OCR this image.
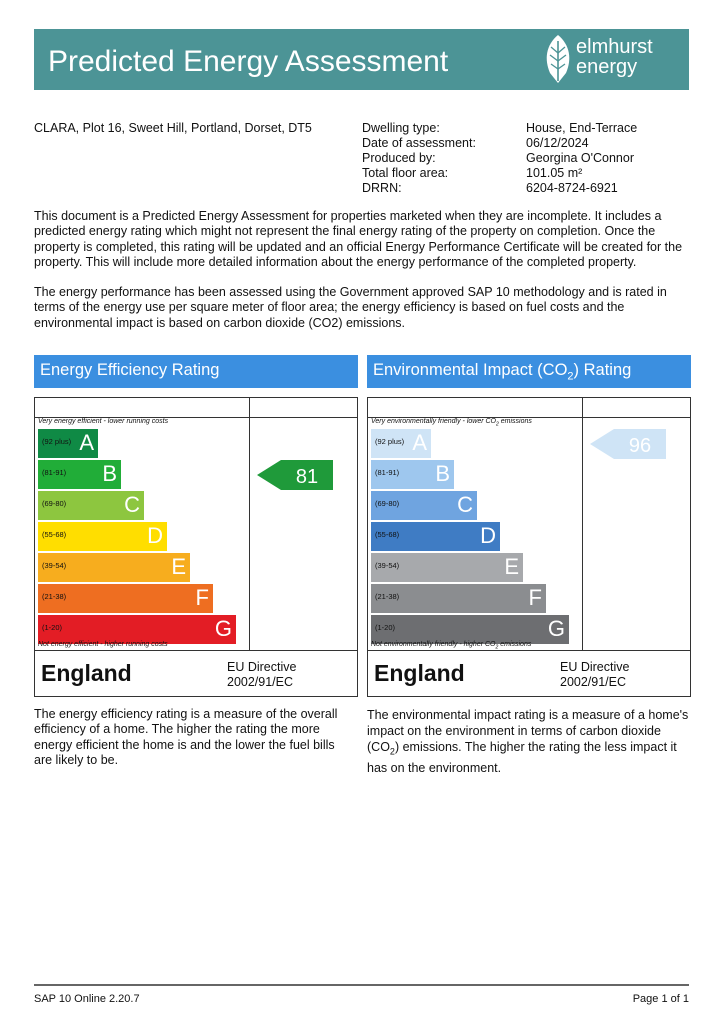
Predicted Energy Assessment	elmhurst
energy
CLARA, Plot 16, Sweet Hill, Portland, Dorset, DT5	Dwelling type:	House, End-Terrace
Date of assessment:	06/12/2024
Produced by:	Georgina O'Connor
Total floor area:	101.05 m²
DRRN:	6204-8724-6921
This document is a Predicted Energy Assessment for properties marketed when they are incomplete. It includes a predicted energy rating which might not represent the final energy rating of the property on completion. Once the property is completed, this rating will be updated and an official Energy Performance Certificate will be created for the property. This will include more detailed information about the energy performance of the completed property.
The energy performance has been assessed using the Government approved SAP 10 methodology and is rated in terms of the energy use per square meter of floor area; the energy efficiency is based on fuel costs and the environmental impact is based on carbon dioxide (CO2) emissions.
Energy Efficiency Rating
Very energy efficient - lower running costs
(92 plus) A
(81-91) B
(69-80)	C
(55-68)	D
(39-54)	E
(21-38)	F
(1-20)	G
Not energy efficient - higher running costs
81
England	EU Directive
2002/91/EC
The energy efficiency rating is a measure of the overall efficiency of a home. The higher the rating the more energy efficient the home is and the lower the fuel bills are likely to be.
Environmental Impact $(CO_2)$ Rating
Very environmentally friendly - lower $CO_2$ emissions
(92 plus) A
(81-91) B
(69-80)	C
(55-68)	D
(39-54)	E
(21-38)	F
(1-20)	G
Not environmentally friendly - higher $CO_2$ emissions
96
England	EU Directive
2002/91/EC
The environmental impact rating is a measure of a home's impact on the environment in terms of carbon dioxide $(CO_2)$ emissions. The higher the rating the less impact it has on the environment.
SAP 10 Online 2.20.7	Page 1 of 1
